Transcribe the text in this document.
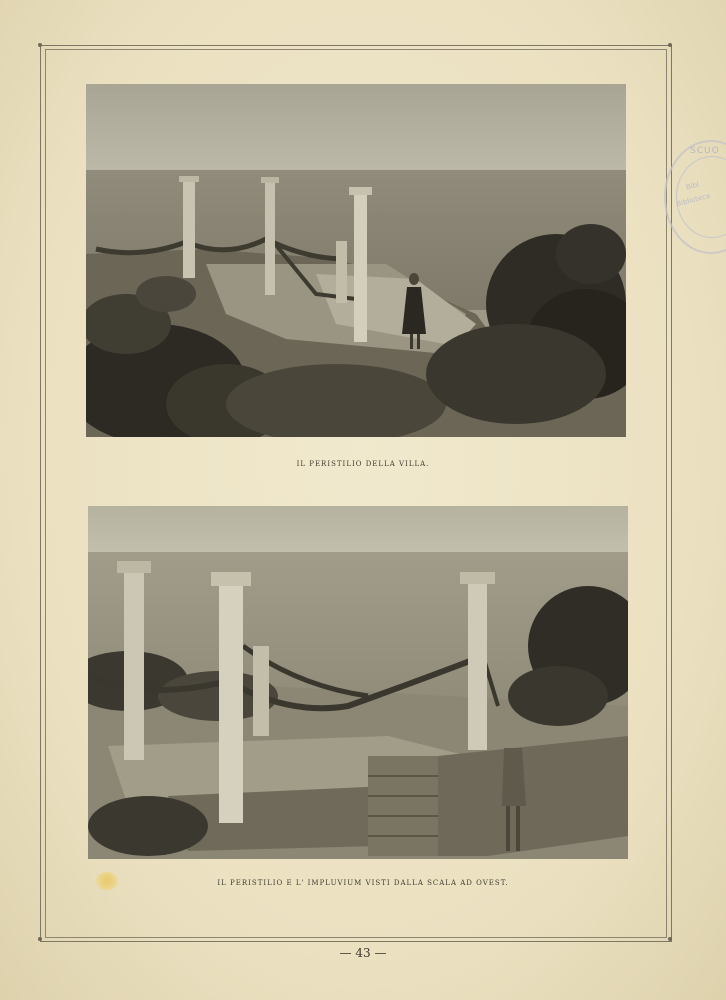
SCUO
Bibl
Biblioteca
IL PERISTILIO DELLA VILLA.
IL PERISTILIO E L' IMPLUVIUM VISTI DALLA SCALA AD OVEST.
— 43 —
